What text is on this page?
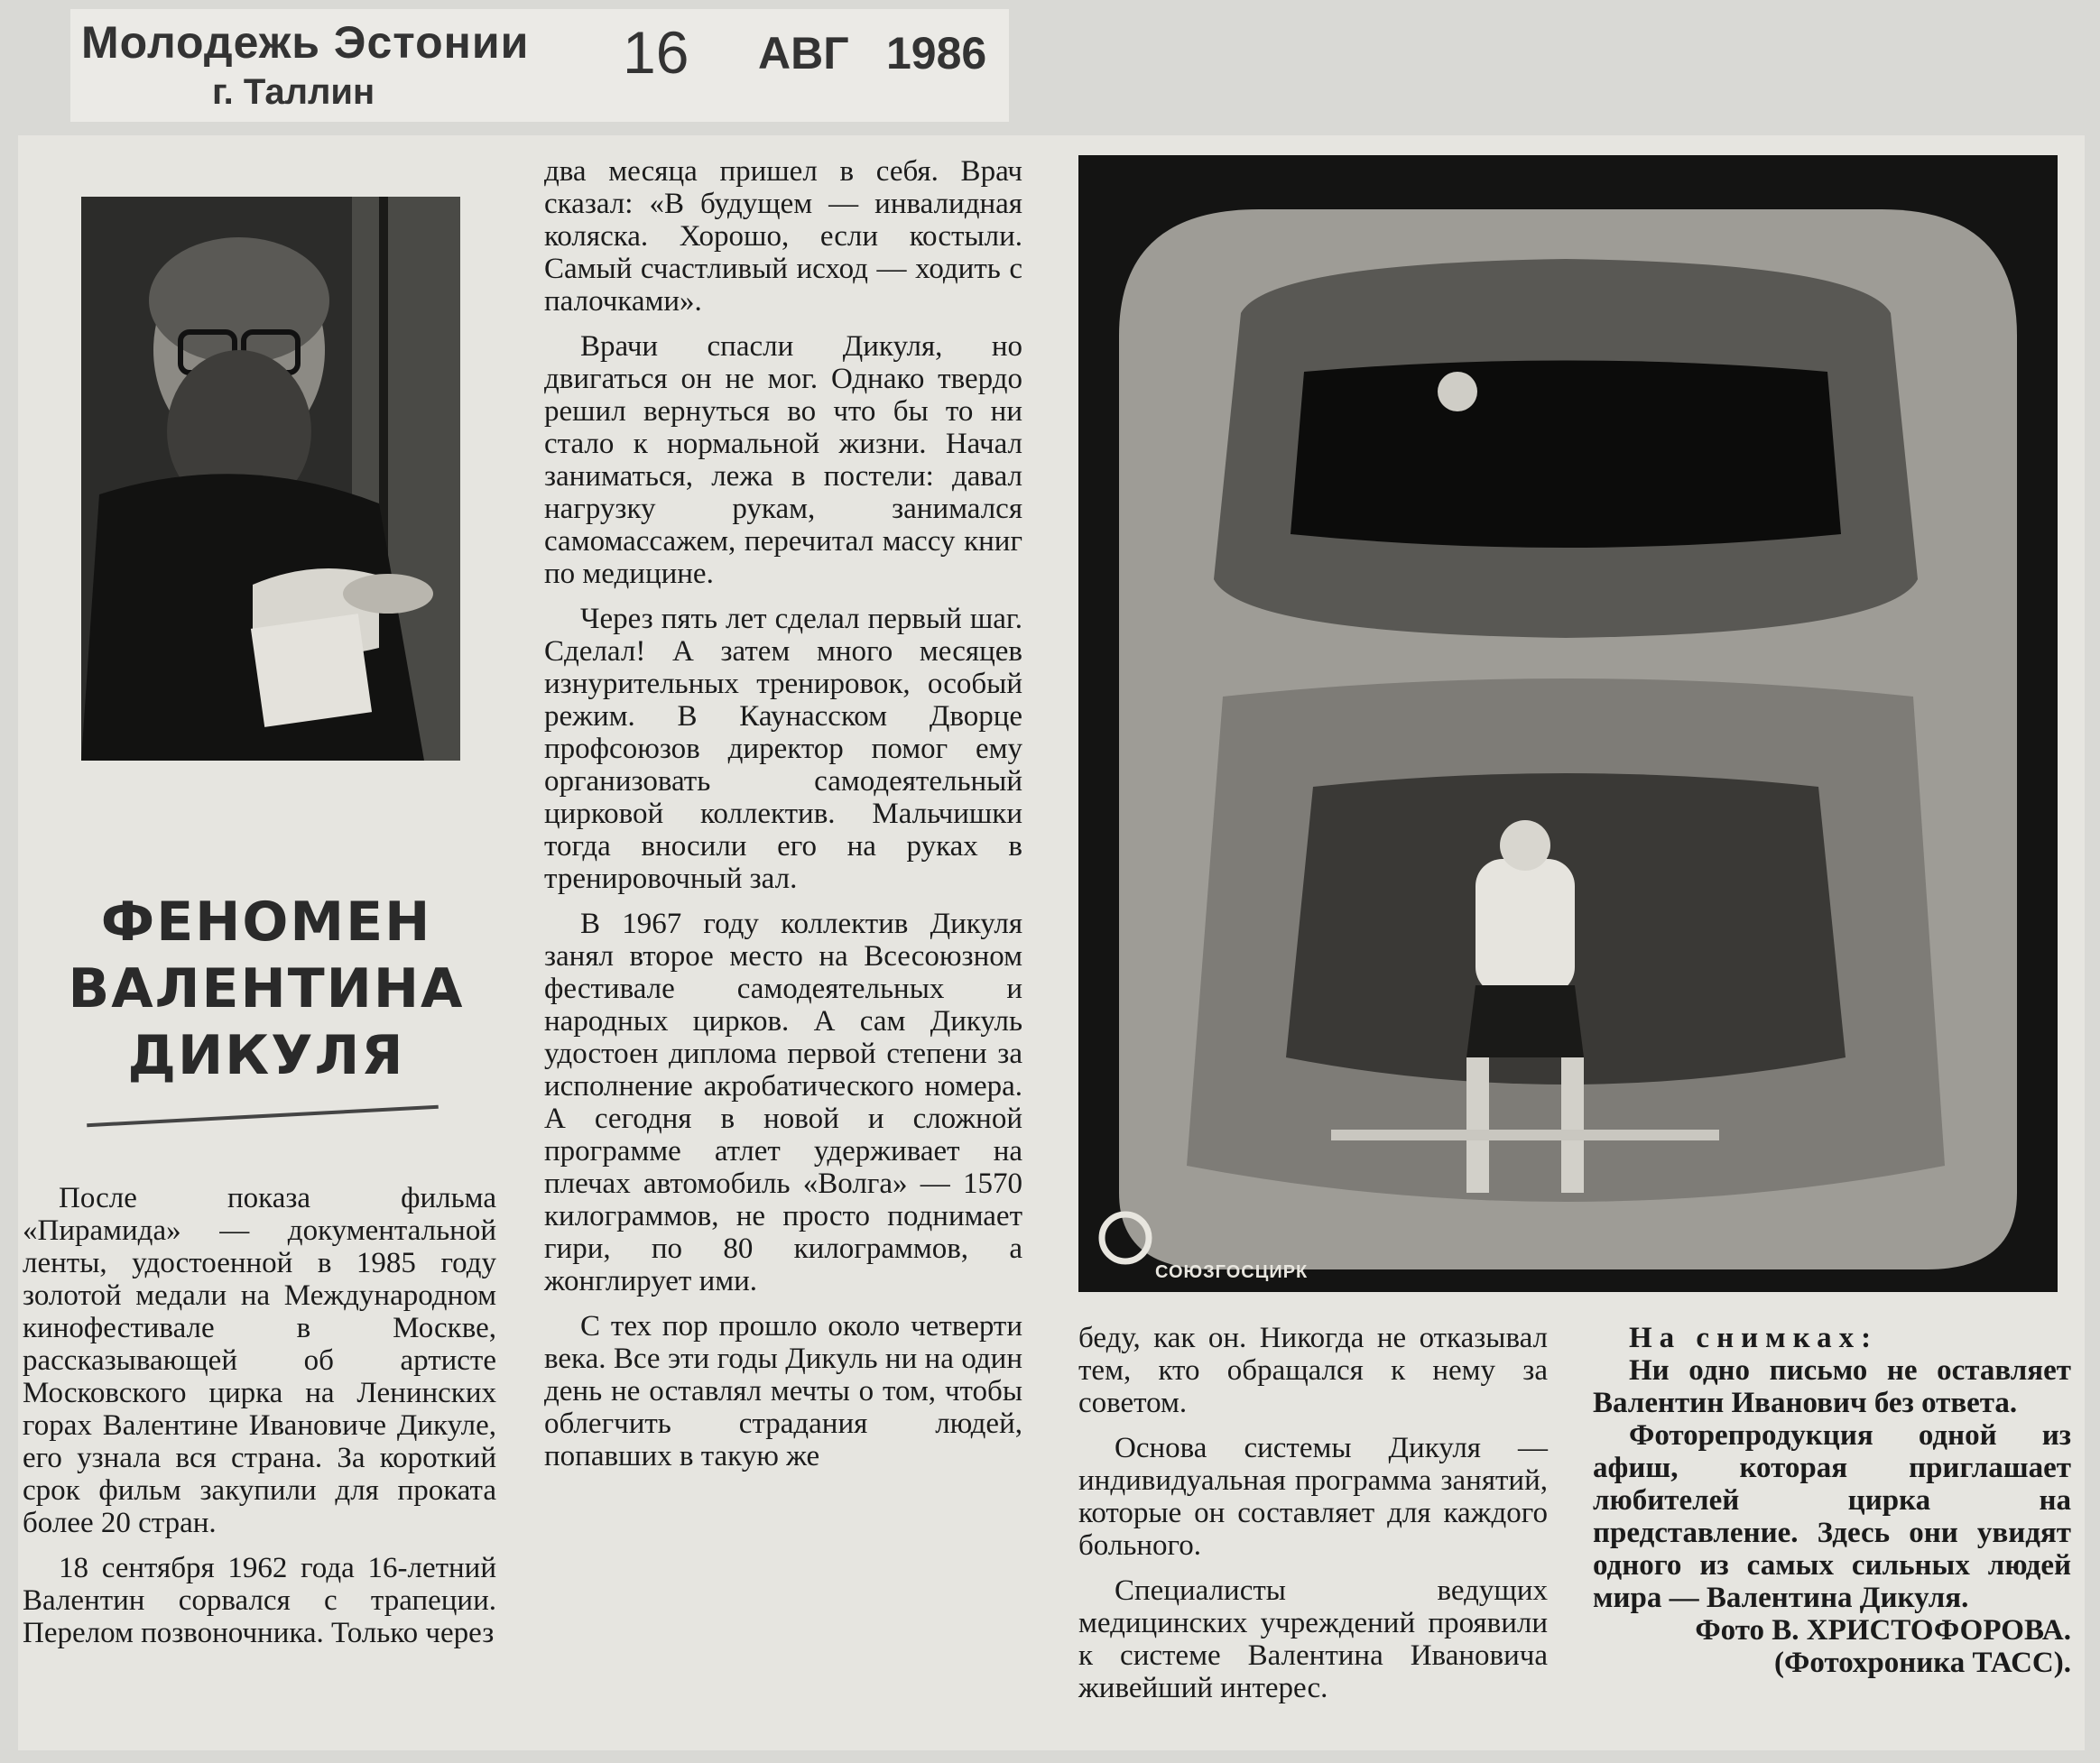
Молодежь Эстонии
г. Таллин
16 АВГ 1986
ФЕНОМЕН
ВАЛЕНТИНА
ДИКУЛЯ

После показа фильма «Пирамида» — документальной ленты, удостоенной в 1985 году золотой медали на Международном кинофестивале в Москве, рассказывающей об артисте Московского цирка на Ленинских горах Валентине Ивановиче Дикуле, его узнала вся страна. За короткий срок фильм закупили для проката более 20 стран.

18 сентября 1962 года 16-летний Валентин сорвался с трапеции. Перелом позвоночника. Только через

два месяца пришел в себя. Врач сказал: «В будущем — инвалидная коляска. Хорошо, если костыли. Самый счастливый исход — ходить с палочками».

Врачи спасли Дикуля, но двигаться он не мог. Однако твердо решил вернуться во что бы то ни стало к нормальной жизни. Начал заниматься, лежа в постели: давал нагрузку рукам, занимался самомассажем, перечитал массу книг по медицине.

Через пять лет сделал первый шаг. Сделал! А затем много месяцев изнурительных тренировок, особый режим. В Каунасском Дворце профсоюзов директор помог ему организовать самодеятельный цирковой коллектив. Мальчишки тогда вносили его на руках в тренировочный зал.

В 1967 году коллектив Дикуля занял второе место на Всесоюзном фестивале самодеятельных и народных цирков. А сам Дикуль удостоен диплома первой степени за исполнение акробатического номера. А сегодня в новой и сложной программе атлет удерживает на плечах автомобиль «Волга» — 1570 килограммов, не просто поднимает гири, по 80 килограммов, а жонглирует ими.

С тех пор прошло около четверти века. Все эти годы Дикуль ни на один день не оставлял мечты о том, чтобы облегчить страдания людей, попавших в такую же

СОЮЗГОСЦИРК

беду, как он. Никогда не отказывал тем, кто обращался к нему за советом.

Основа системы Дикуля — индивидуальная программа занятий, которые он составляет для каждого больного.

Специалисты ведущих медицинских учреждений проявили к системе Валентина Ивановича живейший интерес.

На снимках:

Ни одно письмо не оставляет Валентин Иванович без ответа.

Фоторепродукция одной из афиш, которая приглашает любителей цирка на представление. Здесь они увидят одного из самых сильных людей мира — Валентина Дикуля.

Фото В. ХРИСТОФОРОВА.
(Фотохроника ТАСС).
